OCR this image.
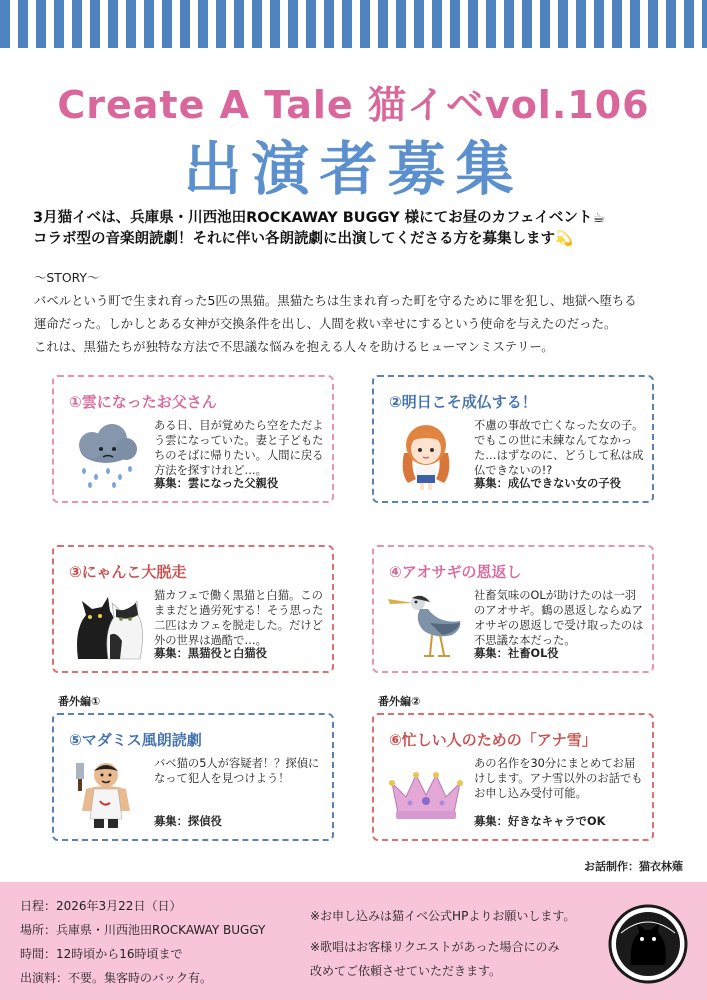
Create A Tale 猫イベvol.106
出演者募集
3月猫イベは、兵庫県・川西池田ROCKAWAY BUGGY 様にてお昼のカフェイベント☕
コラボ型の音楽朗読劇！それに伴い各朗読劇に出演してくださる方を募集します💫
〜STORY〜
バベルという町で生まれ育った5匹の黒猫。黒猫たちは生まれ育った町を守るために罪を犯し、地獄へ堕ちる
運命だった。しかしとある女神が交換条件を出し、人間を救い幸せにするという使命を与えたのだった。
これは、黒猫たちが独特な方法で不思議な悩みを抱える人々を助けるヒューマンミステリー。
①雲になったお父さん
ある日、目が覚めたら空をただよう雲になっていた。妻と子どもたちのそばに帰りたい。人間に戻る方法を探すけれど…。
募集：雲になった父親役
②明日こそ成仏する！
不慮の事故で亡くなった女の子。でもこの世に未練なんてなかった…はずなのに、どうして私は成仏できないの!?
募集：成仏できない女の子役
③にゃんこ大脱走
猫カフェで働く黒猫と白猫。このままだと過労死する！そう思った二匹はカフェを脱走した。だけど外の世界は過酷で…。
募集：黒猫役と白猫役
④アオサギの恩返し
社畜気味のOLが助けたのは一羽のアオサギ。鶴の恩返しならぬアオサギの恩返しで受け取ったのは不思議な本だった。
募集：社畜OL役
番外編①	番外編②
⑤マダミス風朗読劇
バベ猫の5人が容疑者！？探偵になって犯人を見つけよう！
募集：探偵役
⑥忙しい人のための「アナ雪」
あの名作を30分にまとめてお届けします。アナ雪以外のお話でもお申し込み受付可能。
募集：好きなキャラでOK
お話制作：猫衣林薙
日程：2026年3月22日（日）
場所：兵庫県・川西池田ROCKAWAY BUGGY
時間：12時頃から16時頃まで
出演料：不要。集客時のバック有。
※お申し込みは猫イベ公式HPよりお願いします。
※歌唱はお客様リクエストがあった場合にのみ
改めてご依頼させていただきます。
